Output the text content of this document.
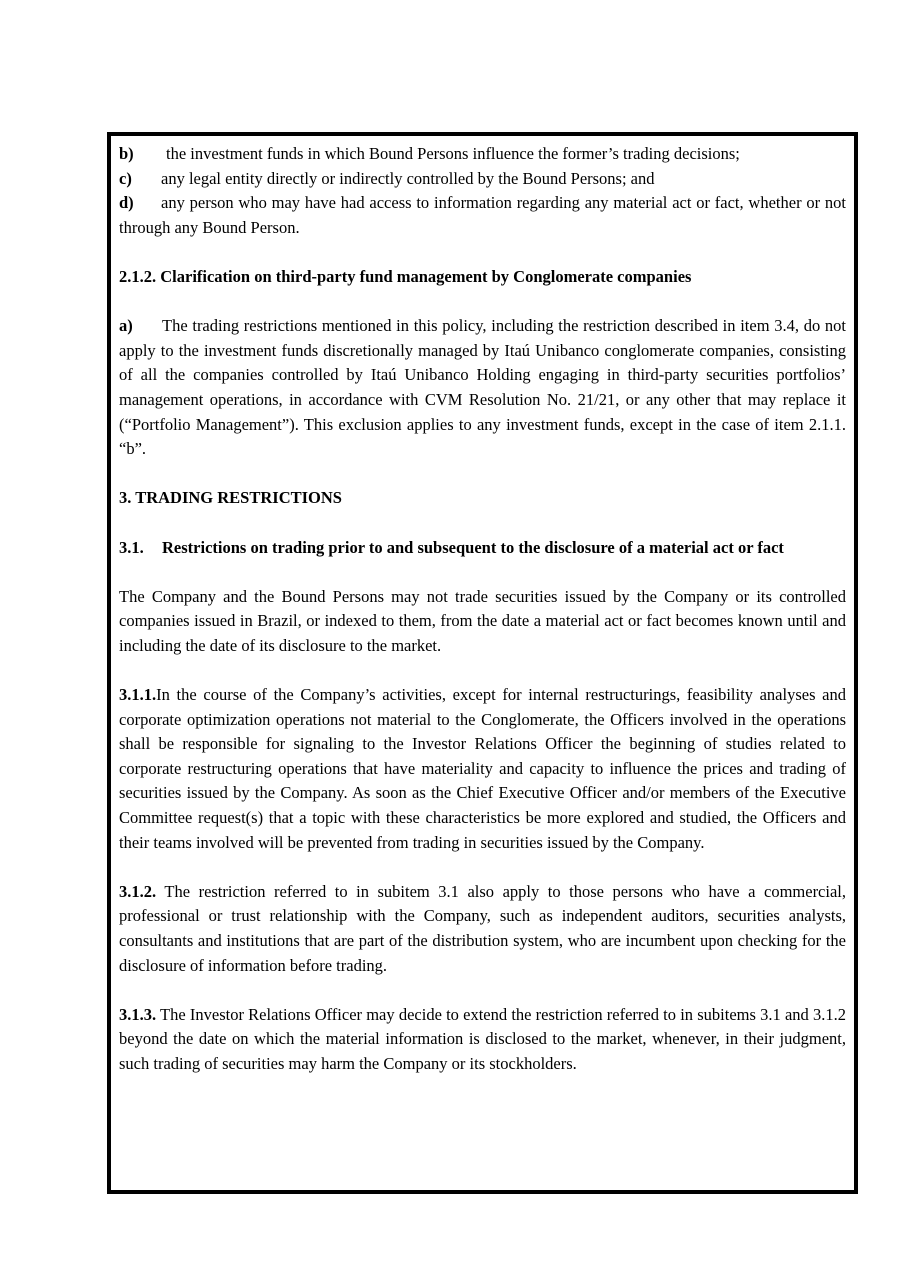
b)	the investment funds in which Bound Persons influence the former’s trading decisions;

c)	any legal entity directly or indirectly controlled by the Bound Persons; and

d) any person who may have had access to information regarding any material act or fact, whether or not through any Bound Person.

2.1.2. Clarification on third-party fund management by Conglomerate companies

a) The trading restrictions mentioned in this policy, including the restriction described in item 3.4, do not apply to the investment funds discretionally managed by Itaú Unibanco conglomerate companies, consisting of all the companies controlled by Itaú Unibanco Holding engaging in third-party securities portfolios’ management operations, in accordance with CVM Resolution No. 21/21, or any other that may replace it (“Portfolio Management”). This exclusion applies to any investment funds, except in the case of item 2.1.1. “b”.

3. TRADING RESTRICTIONS

3.1. Restrictions on trading prior to and subsequent to the disclosure of a material act or fact

The Company and the Bound Persons may not trade securities issued by the Company or its controlled companies issued in Brazil, or indexed to them, from the date a material act or fact becomes known until and including the date of its disclosure to the market.

3.1.1.In the course of the Company’s activities, except for internal restructurings, feasibility analyses and corporate optimization operations not material to the Conglomerate, the Officers involved in the operations shall be responsible for signaling to the Investor Relations Officer the beginning of studies related to corporate restructuring operations that have materiality and capacity to influence the prices and trading of securities issued by the Company. As soon as the Chief Executive Officer and/or members of the Executive Committee request(s) that a topic with these characteristics be more explored and studied, the Officers and their teams involved will be prevented from trading in securities issued by the Company.

3.1.2. The restriction referred to in subitem 3.1 also apply to those persons who have a commercial, professional or trust relationship with the Company, such as independent auditors, securities analysts, consultants and institutions that are part of the distribution system, who are incumbent upon checking for the disclosure of information before trading.

3.1.3. The Investor Relations Officer may decide to extend the restriction referred to in subitems 3.1 and 3.1.2 beyond the date on which the material information is disclosed to the market, whenever, in their judgment, such trading of securities may harm the Company or its stockholders.
